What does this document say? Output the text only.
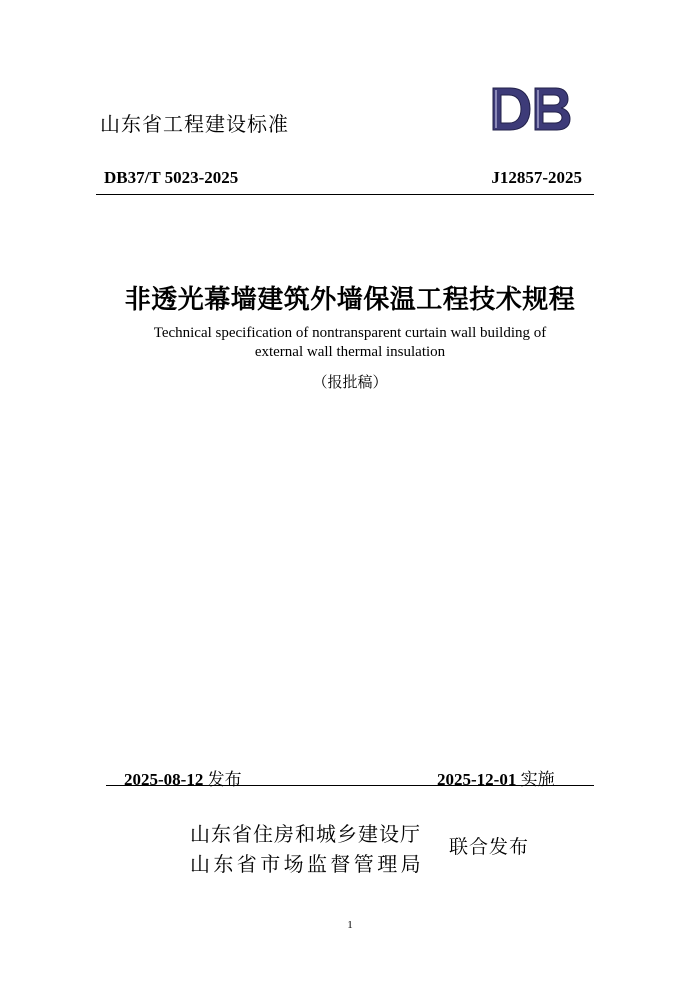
山东省工程建设标准
DB37/T 5023-2025	J12857-2025
非透光幕墙建筑外墙保温工程技术规程
Technical specification of nontransparent curtain wall building of
external wall thermal insulation
（报批稿）
2025-08-12 发布	2025-12-01 实施
山东省住房和城乡建设厅
山东省市场监督管理局
联合发布
1
